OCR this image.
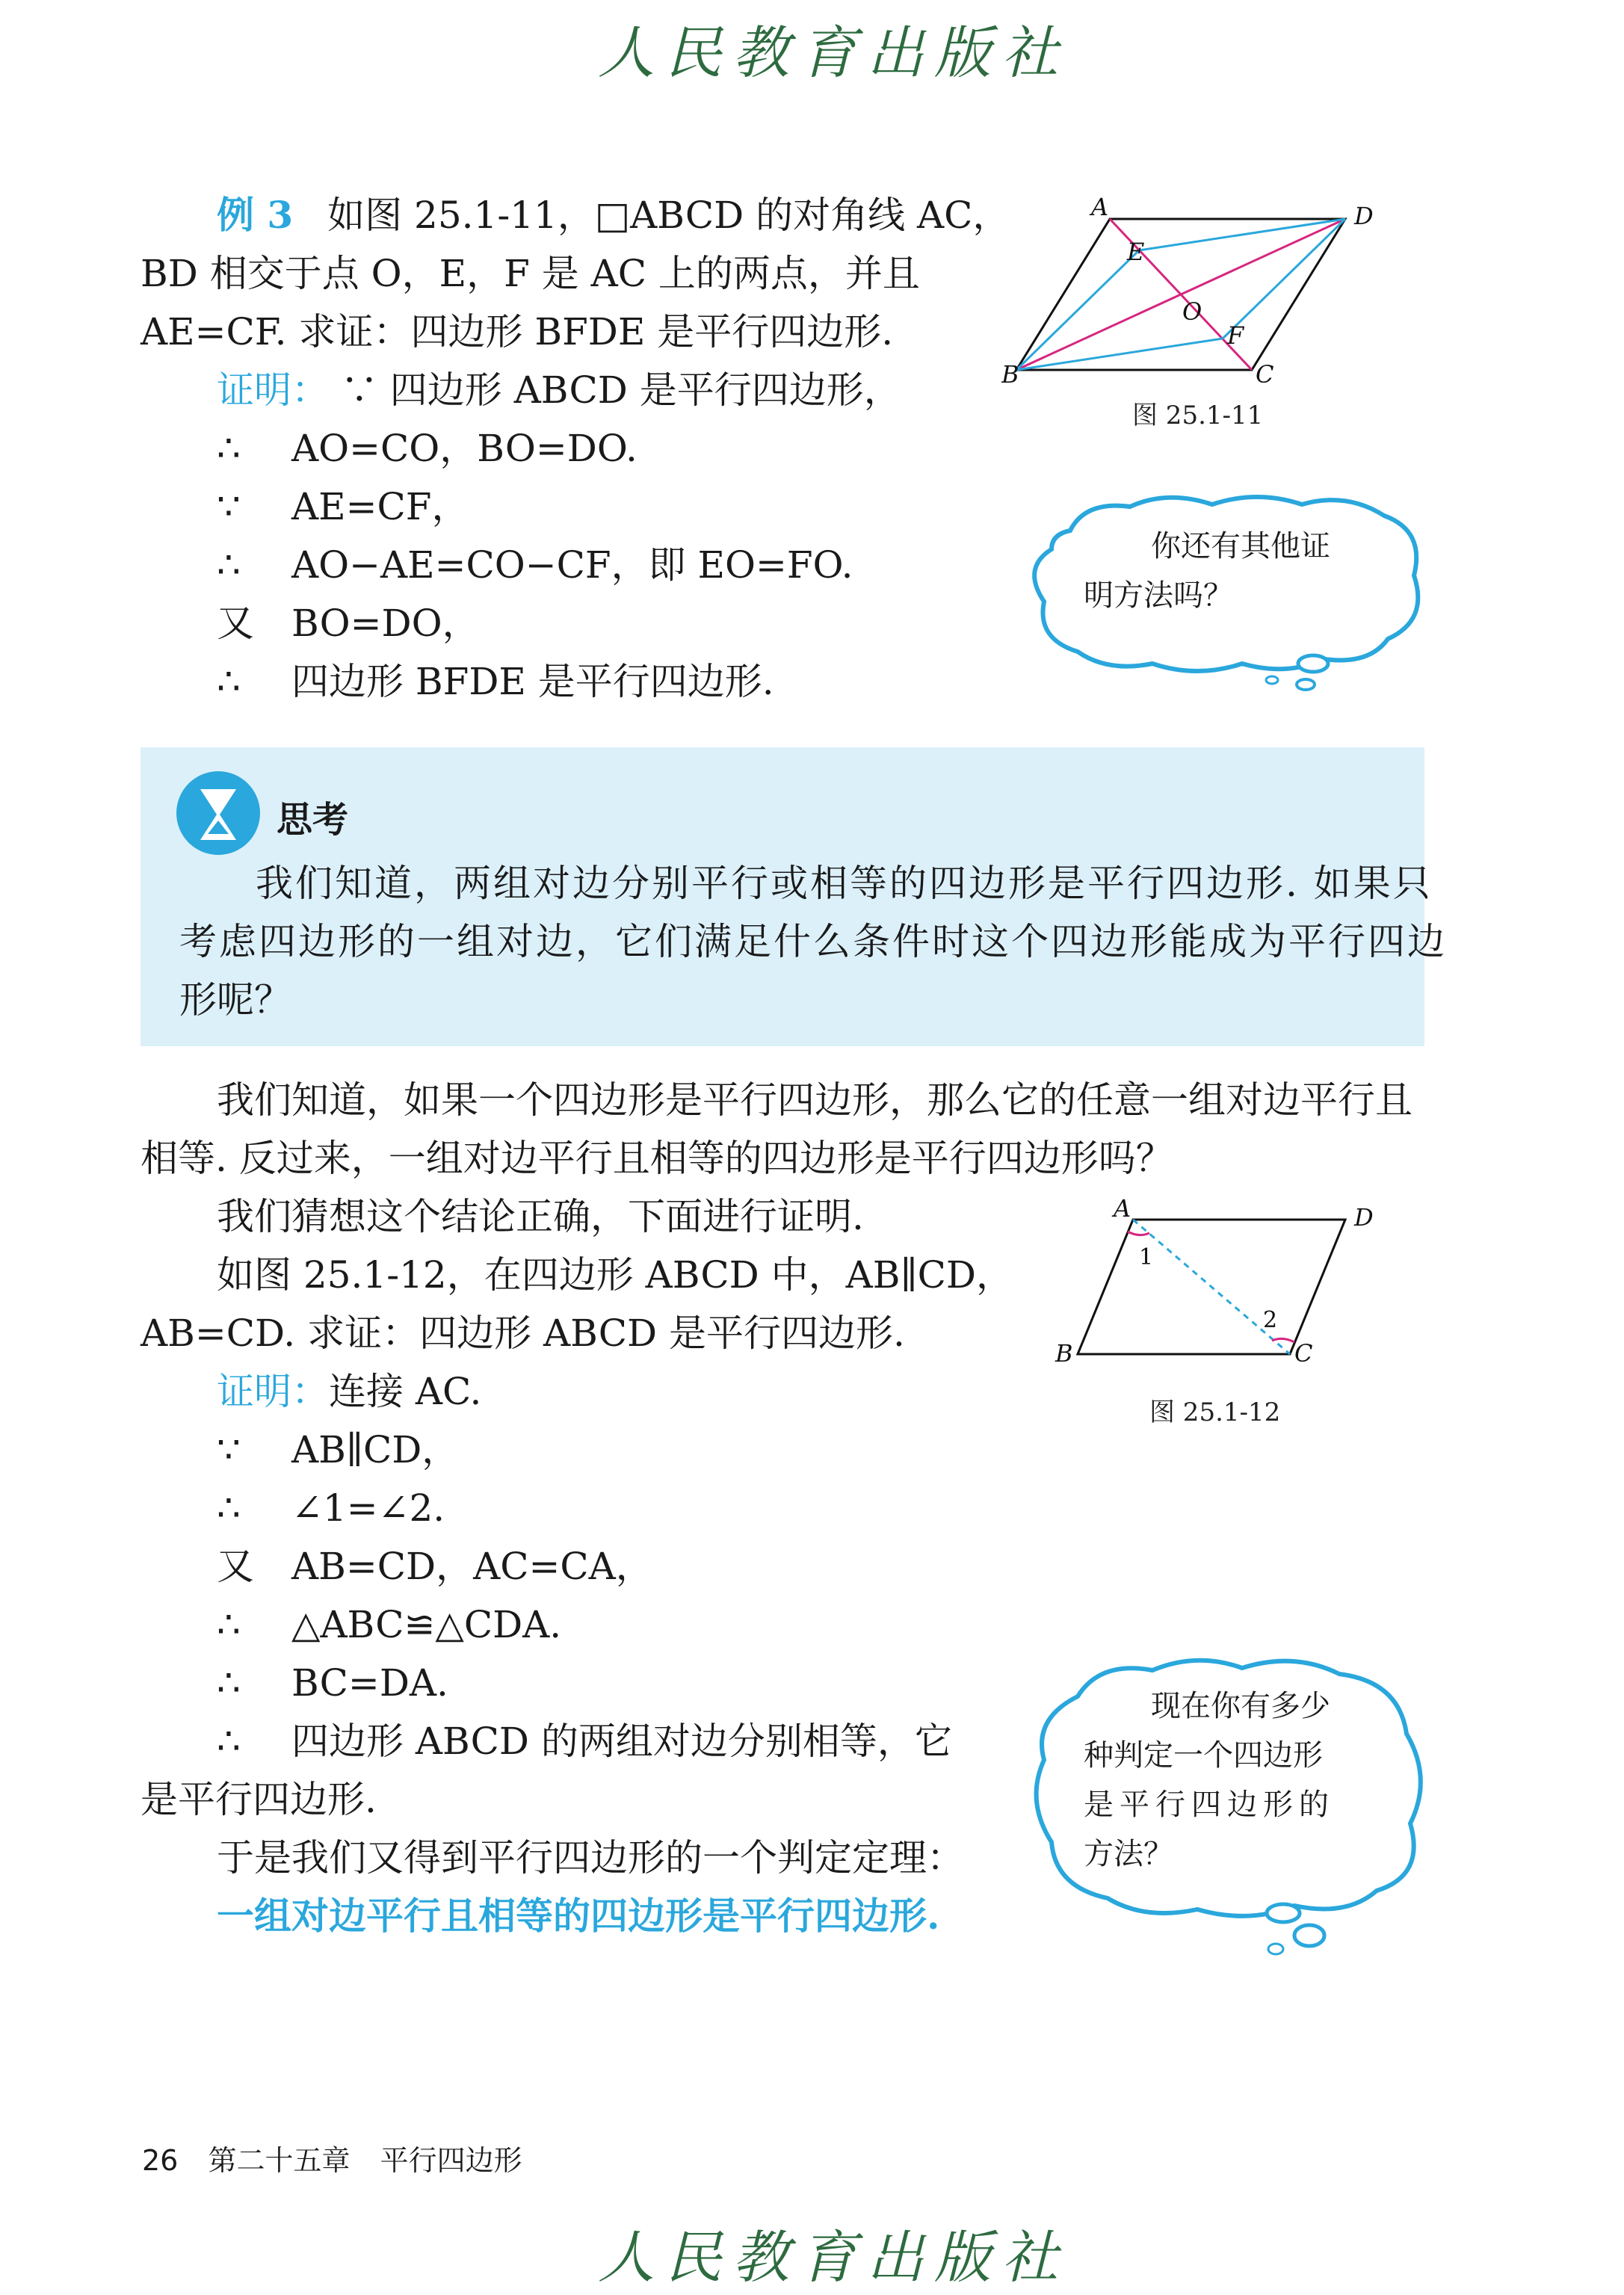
人民教育出版社
例 3 如图 25.1-11，□ABCD 的对角线 AC，
BD 相交于点 O，E，F 是 AC 上的两点，并且
AE=CF. 求证：四边形 BFDE 是平行四边形.
证明： ∵ 四边形 ABCD 是平行四边形，
∴ AO=CO，BO=DO.
∵ AE=CF，
∴ AO−AE=CO−CF，即 EO=FO.
又 BO=DO，
∴ 四边形 BFDE 是平行四边形.
A	D
B	C
E
F
O
图 25.1-11
你还有其他证
明方法吗？
思考
我们知道，两组对边分别平行或相等的四边形是平行四边形. 如果只
考虑四边形的一组对边，它们满足什么条件时这个四边形能成为平行四边
形呢？
我们知道，如果一个四边形是平行四边形，那么它的任意一组对边平行且
相等. 反过来，一组对边平行且相等的四边形是平行四边形吗？
我们猜想这个结论正确，下面进行证明.
如图 25.1-12，在四边形 ABCD 中，AB∥CD，
AB=CD. 求证：四边形 ABCD 是平行四边形.
证明：连接 AC.
∵ AB∥CD，
∴ ∠1=∠2.
又 AB=CD，AC=CA，
∴ △ABC≌△CDA.
∴ BC=DA.
∴ 四边形 ABCD 的两组对边分别相等，它
是平行四边形.
于是我们又得到平行四边形的一个判定定理：
一组对边平行且相等的四边形是平行四边形.
A	D
B	C
1
2
图 25.1-12
现在你有多少
种判定一个四边形
是平行四边形的
方法？
26 第二十五章 平行四边形
人民教育出版社
